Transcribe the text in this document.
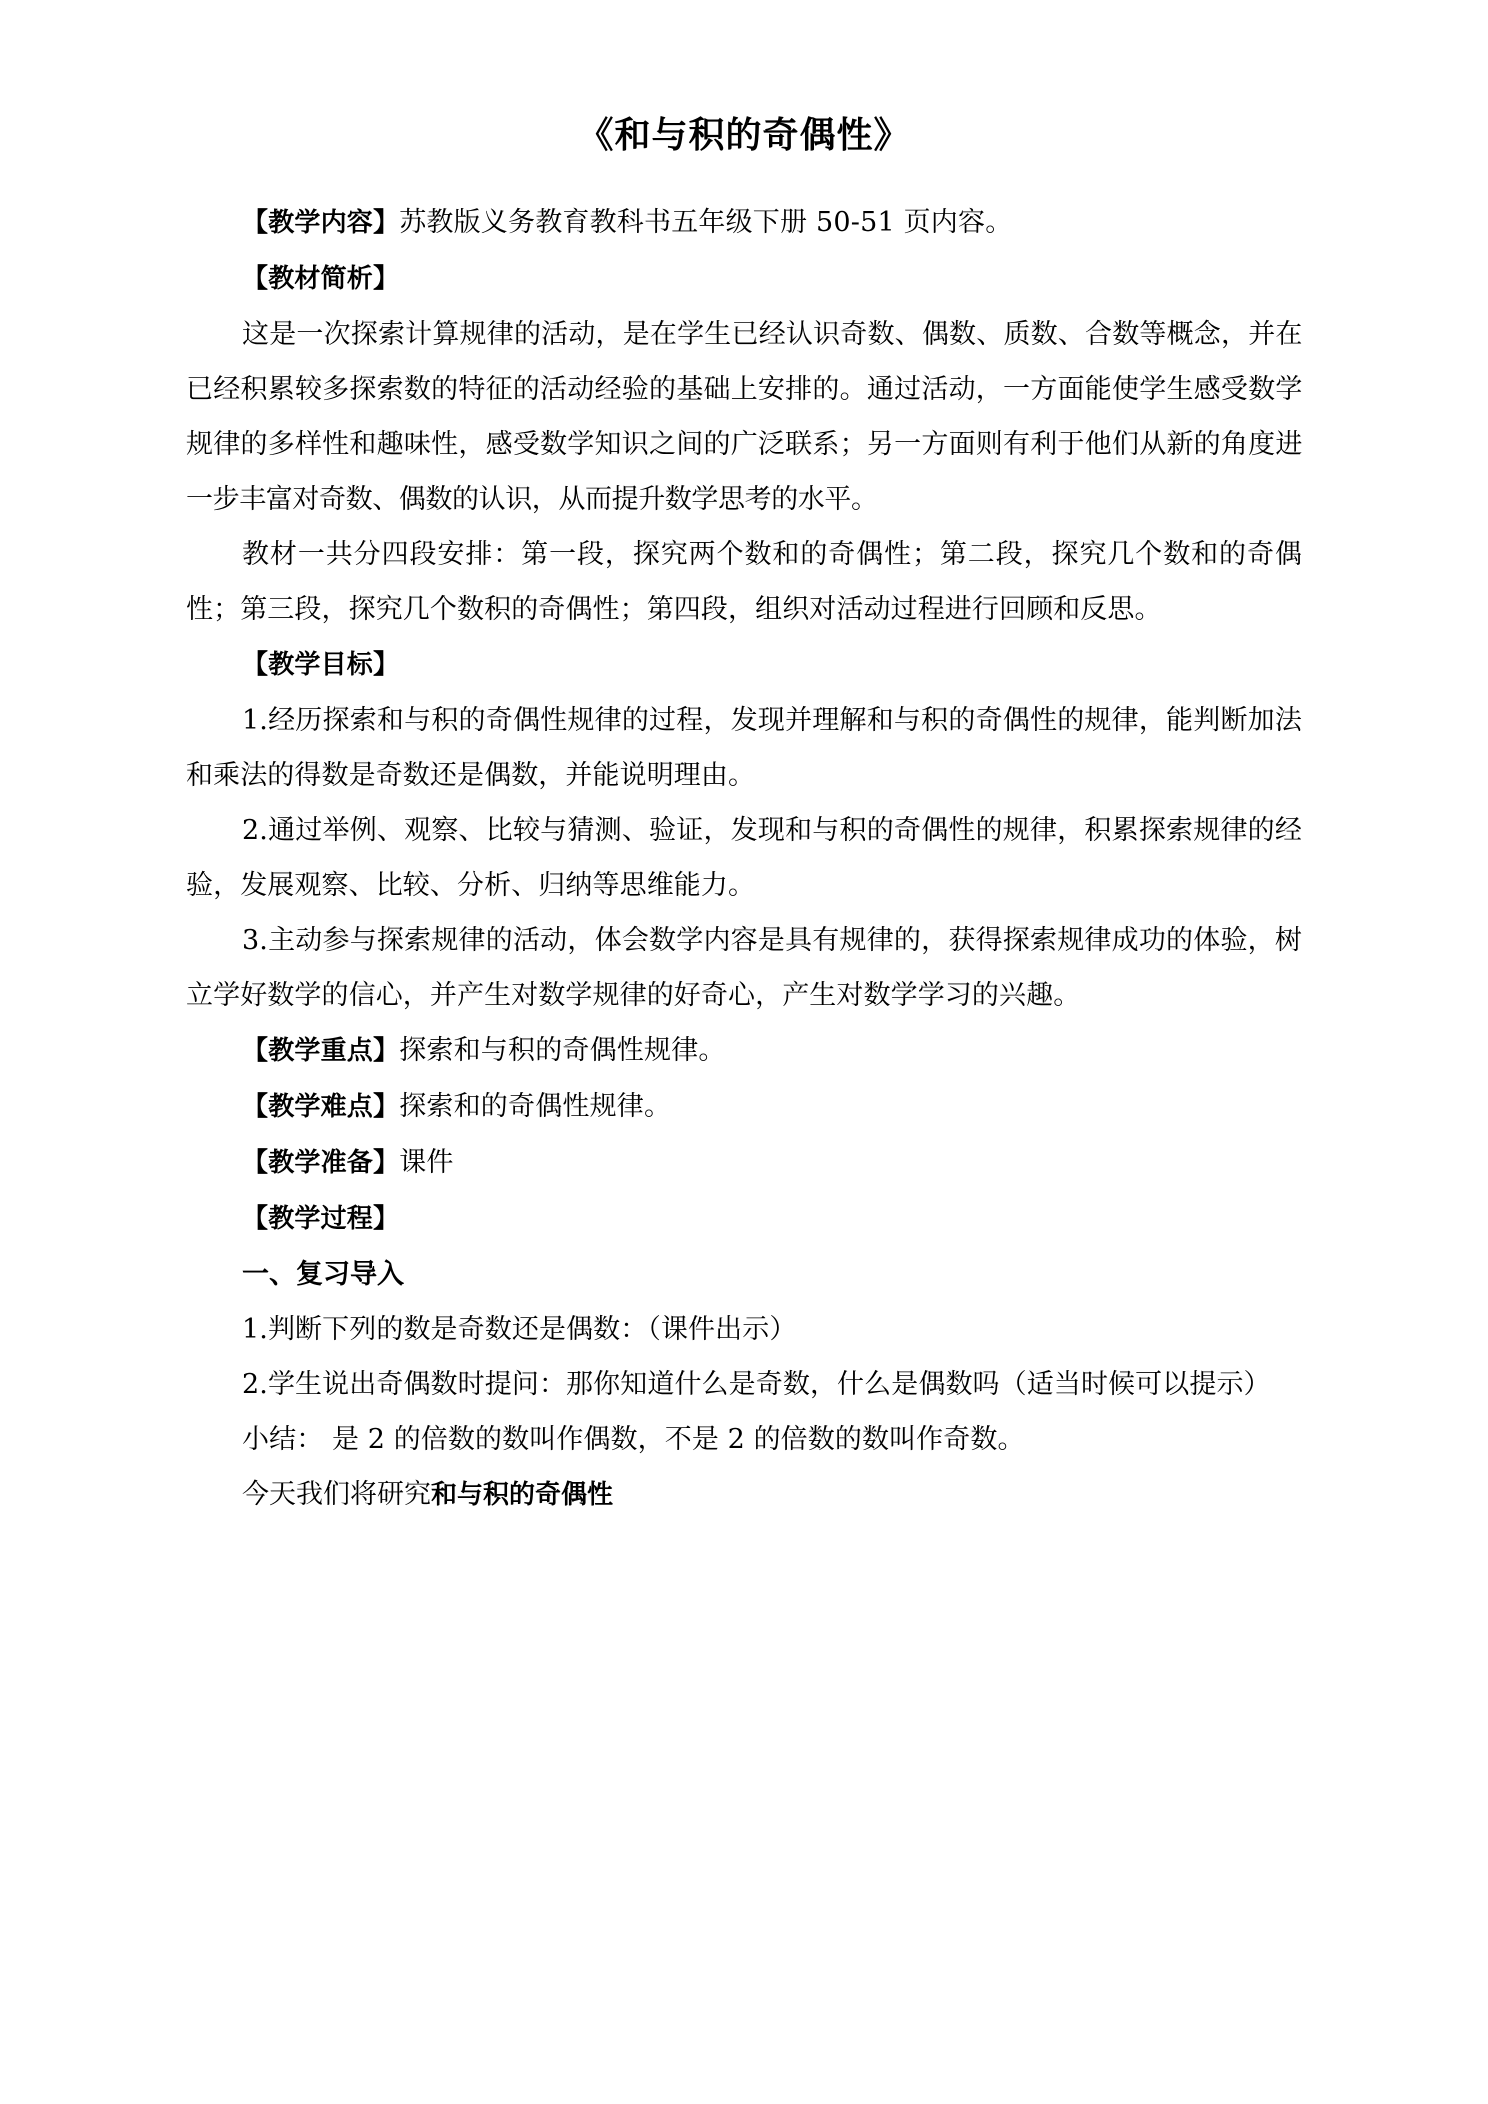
《和与积的奇偶性》

【教学内容】苏教版义务教育教科书五年级下册 50-51 页内容。

【教材简析】

这是一次探索计算规律的活动，是在学生已经认识奇数、偶数、质数、合数等概念，并在已经积累较多探索数的特征的活动经验的基础上安排的。通过活动，一方面能使学生感受数学规律的多样性和趣味性，感受数学知识之间的广泛联系；另一方面则有利于他们从新的角度进一步丰富对奇数、偶数的认识，从而提升数学思考的水平。

教材一共分四段安排：第一段，探究两个数和的奇偶性；第二段，探究几个数和的奇偶性；第三段，探究几个数积的奇偶性；第四段，组织对活动过程进行回顾和反思。

【教学目标】

1.经历探索和与积的奇偶性规律的过程，发现并理解和与积的奇偶性的规律，能判断加法和乘法的得数是奇数还是偶数，并能说明理由。

2.通过举例、观察、比较与猜测、验证，发现和与积的奇偶性的规律，积累探索规律的经验，发展观察、比较、分析、归纳等思维能力。

3.主动参与探索规律的活动，体会数学内容是具有规律的，获得探索规律成功的体验，树立学好数学的信心，并产生对数学规律的好奇心，产生对数学学习的兴趣。

【教学重点】探索和与积的奇偶性规律。

【教学难点】探索和的奇偶性规律。

【教学准备】课件

【教学过程】

一、复习导入

1.判断下列的数是奇数还是偶数：（课件出示）

2.学生说出奇偶数时提问：那你知道什么是奇数，什么是偶数吗（适当时候可以提示）

小结： 是 2 的倍数的数叫作偶数，不是 2 的倍数的数叫作奇数。

今天我们将研究和与积的奇偶性
